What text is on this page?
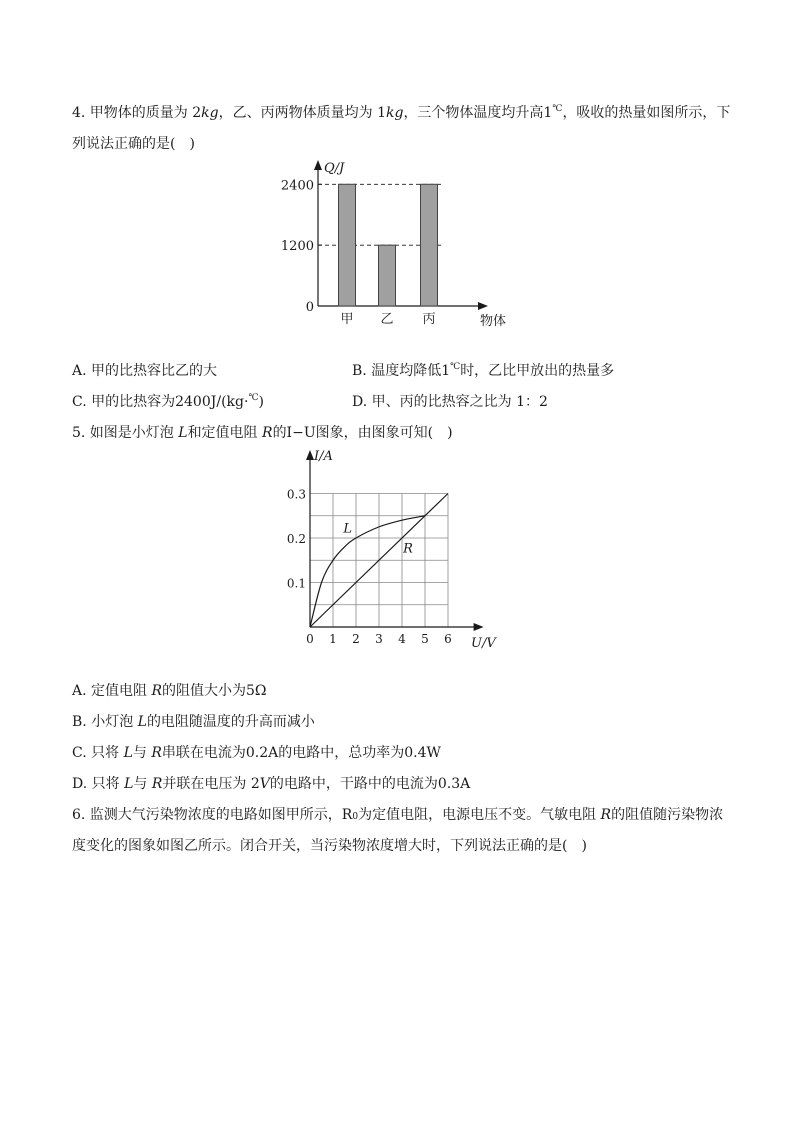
4. 甲物体的质量为 2kg，乙、丙两物体质量均为 1kg，三个物体温度均升高1℃，吸收的热量如图所示，下
列说法正确的是(　)
Q/J
物体
0
1200
2400
甲 乙 丙
A. 甲的比热容比乙的大	B. 温度均降低1℃时，乙比甲放出的热量多
C. 甲的比热容为2400J/(kg·℃)	D. 甲、丙的比热容之比为 1：2
5. 如图是小灯泡 L和定值电阻 R的I−U图象，由图象可知(　)
I/A
U/V
0 1 2 3 4 5 6
0.1
0.2
0.3
L
R
A. 定值电阻 R的阻值大小为5Ω
B. 小灯泡 L的电阻随温度的升高而减小
C. 只将 L与 R串联在电流为0.2A的电路中，总功率为0.4W
D. 只将 L与 R并联在电压为 2V的电路中，干路中的电流为0.3A
6. 监测大气污染物浓度的电路如图甲所示，R0为定值电阻，电源电压不变。气敏电阻 R的阻值随污染物浓
度变化的图象如图乙所示。闭合开关，当污染物浓度增大时，下列说法正确的是(　)
